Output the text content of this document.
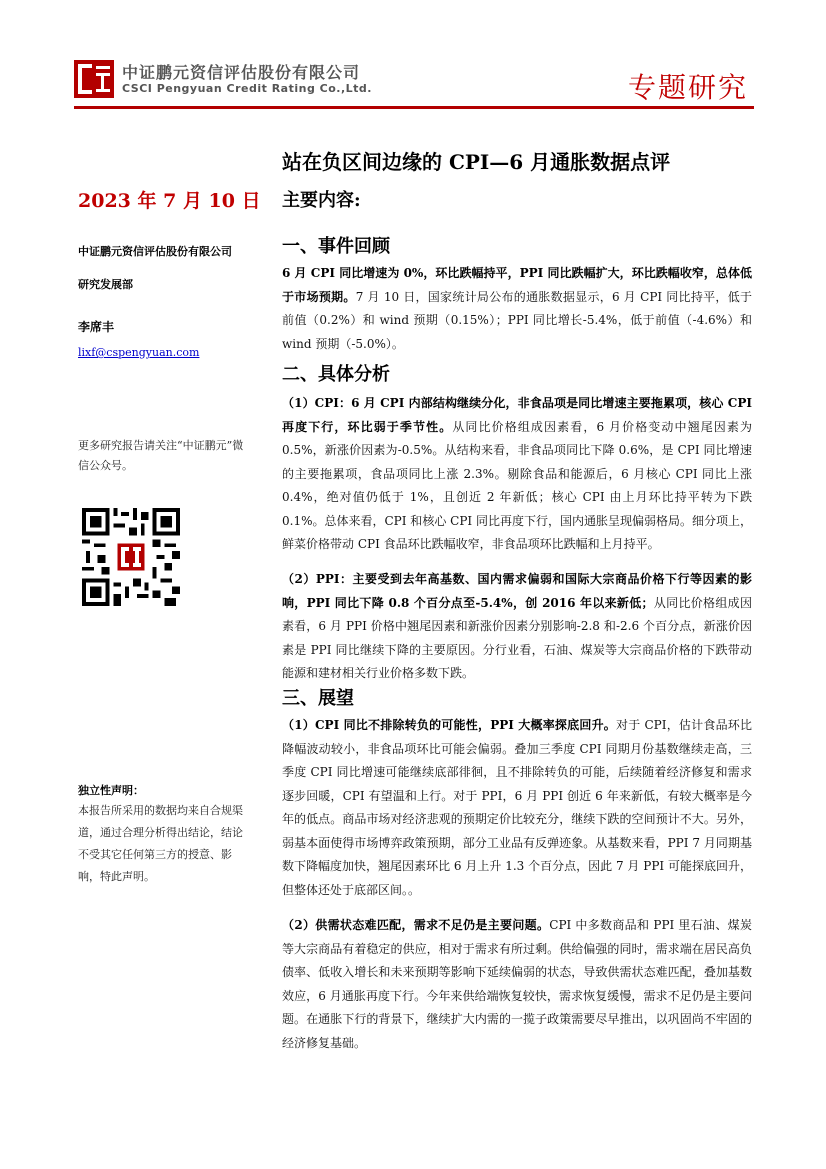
中证鹏元资信评估股份有限公司
CSCI Pengyuan Credit Rating Co.,Ltd.	专题研究
2023 年 7 月 10 日
中证鹏元资信评估股份有限公司
研究发展部
李席丰
lixf@cspengyuan.com
更多研究报告请关注“中证鹏元”微信公众号。
独立性声明：
本报告所采用的数据均来自合规渠道，通过合理分析得出结论，结论不受其它任何第三方的授意、影响，特此声明。
站在负区间边缘的 CPI—6 月通胀数据点评
主要内容:
一、事件回顾
6 月 CPI 同比增速为 0%，环比跌幅持平，PPI 同比跌幅扩大，环比跌幅收窄，总体低于市场预期。7 月 10 日，国家统计局公布的通胀数据显示，6 月 CPI 同比持平，低于前值（0.2%）和 wind 预期（0.15%）；PPI 同比增长-5.4%，低于前值（-4.6%）和 wind 预期（-5.0%）。
二、具体分析
（1）CPI：6 月 CPI 内部结构继续分化，非食品项是同比增速主要拖累项，核心 CPI 再度下行，环比弱于季节性。从同比价格组成因素看，6 月价格变动中翘尾因素为 0.5%，新涨价因素为-0.5%。从结构来看，非食品项同比下降 0.6%，是 CPI 同比增速的主要拖累项，食品项同比上涨 2.3%。剔除食品和能源后，6 月核心 CPI 同比上涨 0.4%，绝对值仍低于 1%，且创近 2 年新低；核心 CPI 由上月环比持平转为下跌 0.1%。总体来看，CPI 和核心 CPI 同比再度下行，国内通胀呈现偏弱格局。细分项上，鲜菜价格带动 CPI 食品环比跌幅收窄，非食品项环比跌幅和上月持平。
（2）PPI：主要受到去年高基数、国内需求偏弱和国际大宗商品价格下行等因素的影响，PPI 同比下降 0.8 个百分点至-5.4%，创 2016 年以来新低；从同比价格组成因素看，6 月 PPI 价格中翘尾因素和新涨价因素分别影响-2.8 和-2.6 个百分点，新涨价因素是 PPI 同比继续下降的主要原因。分行业看，石油、煤炭等大宗商品价格的下跌带动能源和建材相关行业价格多数下跌。
三、展望
（1）CPI 同比不排除转负的可能性，PPI 大概率探底回升。对于 CPI，估计食品环比降幅波动较小，非食品项环比可能会偏弱。叠加三季度 CPI 同期月份基数继续走高，三季度 CPI 同比增速可能继续底部徘徊，且不排除转负的可能，后续随着经济修复和需求逐步回暖，CPI 有望温和上行。对于 PPI，6 月 PPI 创近 6 年来新低，有较大概率是今年的低点。商品市场对经济悲观的预期定价比较充分，继续下跌的空间预计不大。另外，弱基本面使得市场博弈政策预期，部分工业品有反弹迹象。从基数来看，PPI 7 月同期基数下降幅度加快，翘尾因素环比 6 月上升 1.3 个百分点，因此 7 月 PPI 可能探底回升，但整体还处于底部区间。。
（2）供需状态难匹配，需求不足仍是主要问题。CPI 中多数商品和 PPI 里石油、煤炭等大宗商品有着稳定的供应，相对于需求有所过剩。供给偏强的同时，需求端在居民高负债率、低收入增长和未来预期等影响下延续偏弱的状态，导致供需状态难匹配，叠加基数效应，6 月通胀再度下行。今年来供给端恢复较快，需求恢复缓慢，需求不足仍是主要问题。在通胀下行的背景下，继续扩大内需的一揽子政策需要尽早推出，以巩固尚不牢固的经济修复基础。
